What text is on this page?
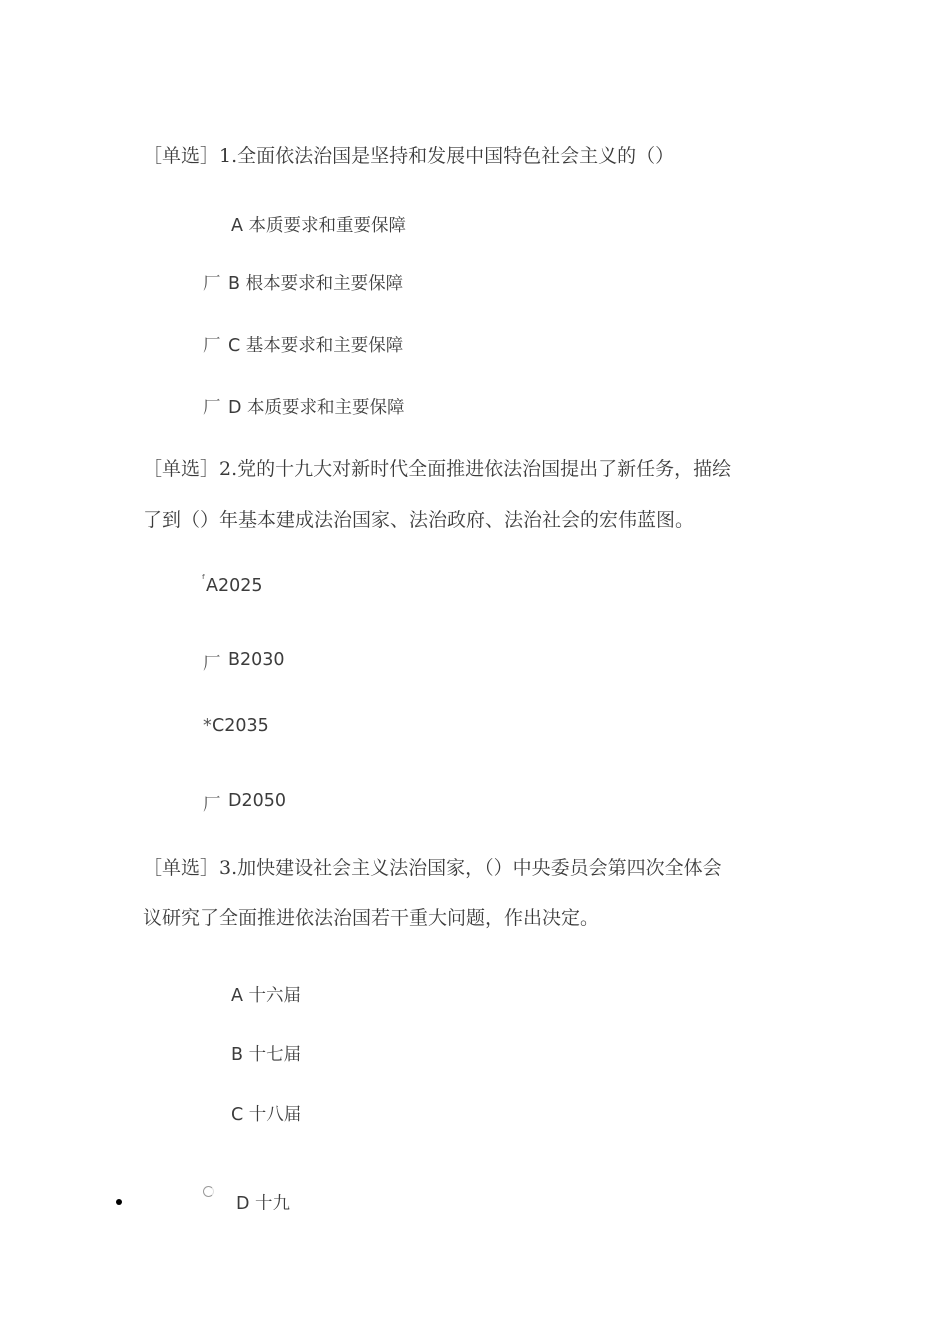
［单选］1.全面依法治国是坚持和发展中国特色社会主义的（）
A 本质要求和重要保障
厂 B 根本要求和主要保障
厂 C 基本要求和主要保障
厂 D 本质要求和主要保障
［单选］2.党的十九大对新时代全面推进依法治国提出了新任务，描绘
了到（）年基本建成法治国家、法治政府、法治社会的宏伟蓝图。
ᶠ A2025
厂 B2030
* C2035
厂 D2050
［单选］3.加快建设社会主义法治国家，（）中央委员会第四次全体会
议研究了全面推进依法治国若干重大问题，作出决定。
A 十六届
B 十七届
C 十八届
D 十九
